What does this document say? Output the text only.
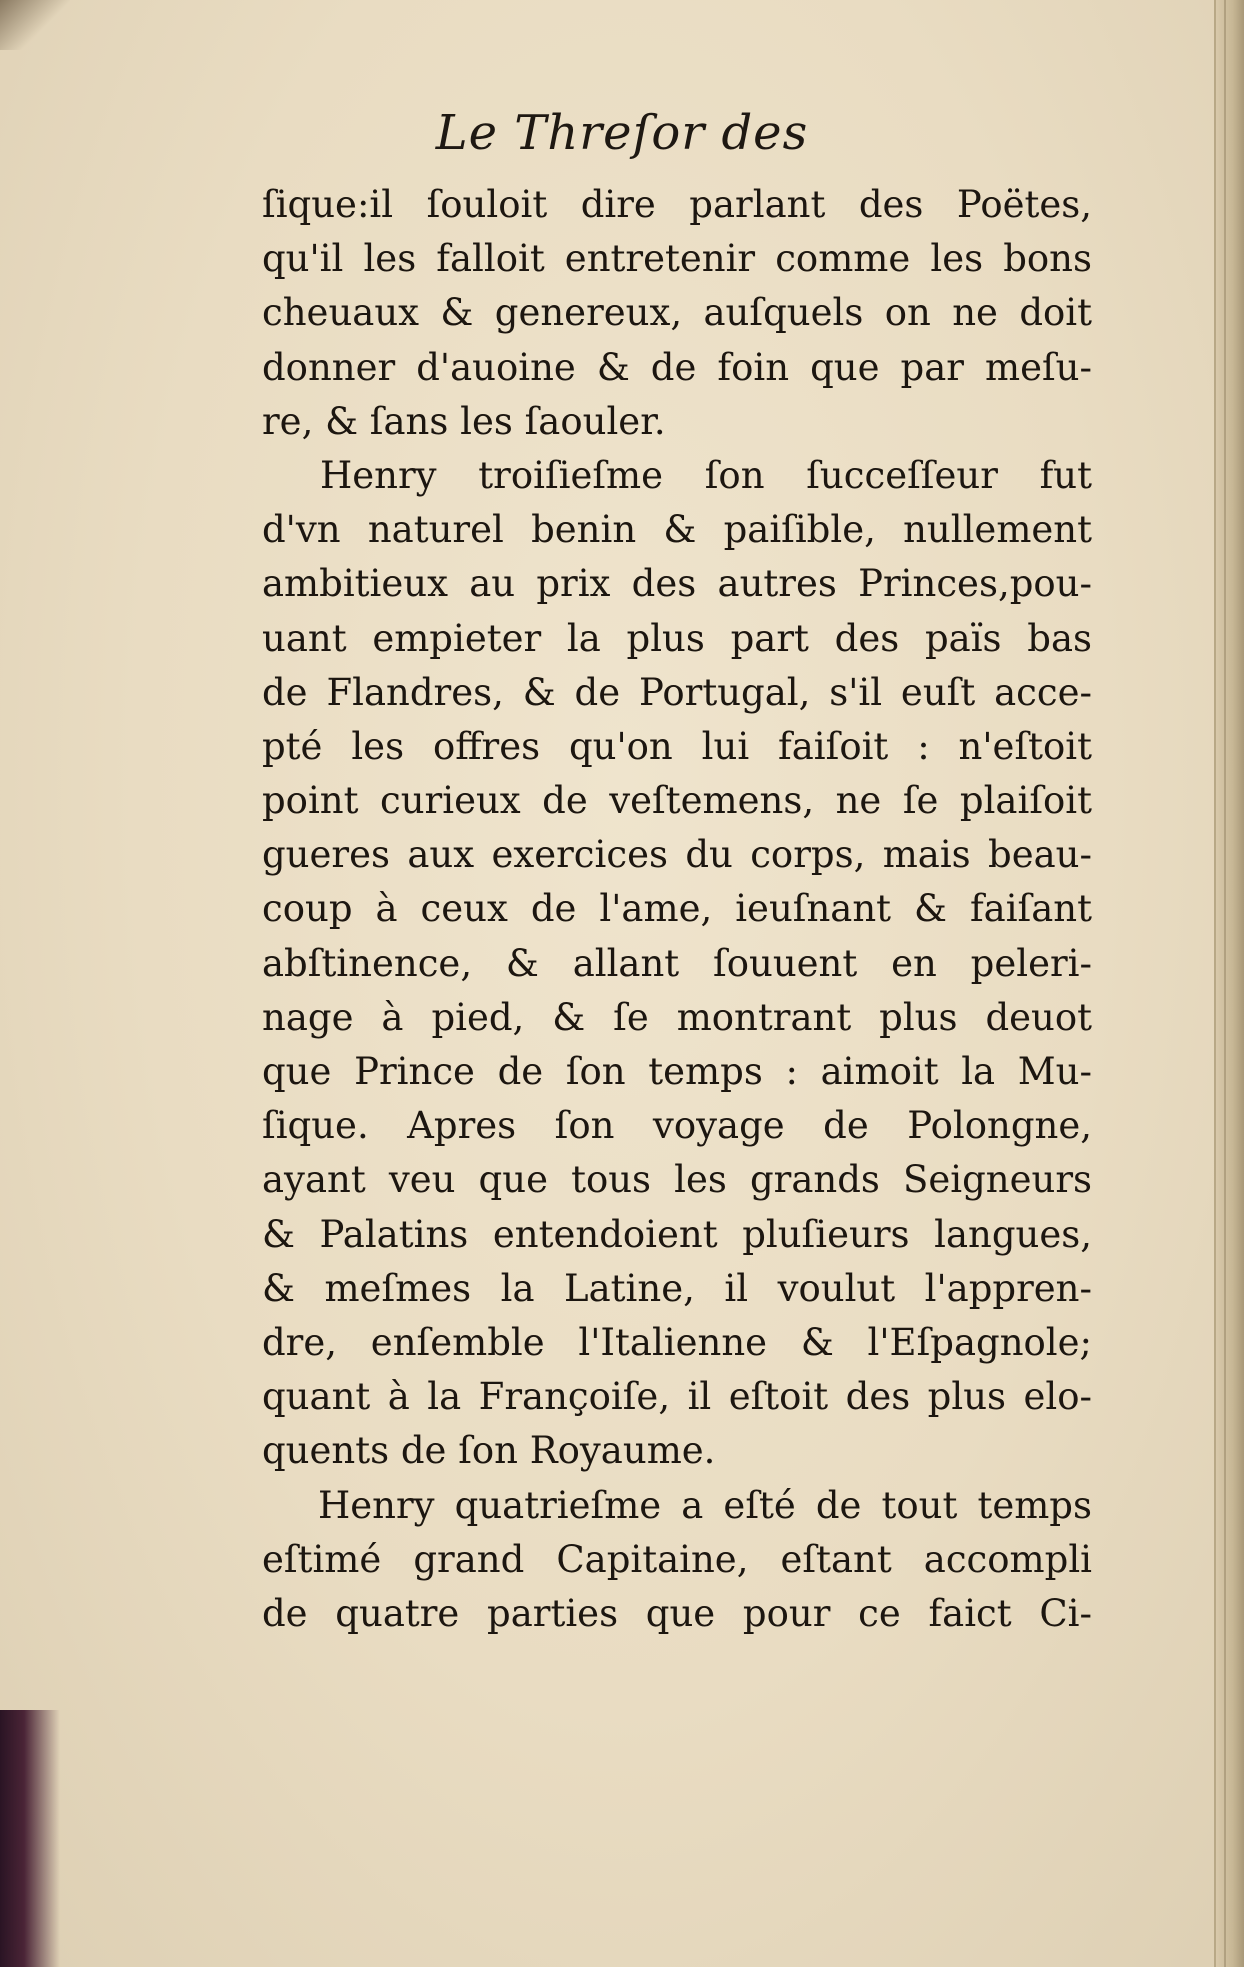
Le Threſor des
ſique:il ſouloit dire parlant des Poëtes,
qu'il les falloit entretenir comme les bons
cheuaux & genereux, auſquels on ne doit
donner d'auoine & de foin que par meſu-
re, & ſans les ſaouler.
Henry troiſieſme ſon ſucceſſeur fut
d'vn naturel benin & paiſible, nullement
ambitieux au prix des autres Princes,pou-
uant empieter la plus part des païs bas
de Flandres, & de Portugal, s'il euſt acce-
pté les offres qu'on lui faiſoit : n'eſtoit
point curieux de veſtemens, ne ſe plaiſoit
gueres aux exercices du corps, mais beau-
coup à ceux de l'ame, ieuſnant & faiſant
abſtinence, & allant ſouuent en peleri-
nage à pied, & ſe montrant plus deuot
que Prince de ſon temps : aimoit la Mu-
ſique. Apres ſon voyage de Polongne,
ayant veu que tous les grands Seigneurs
& Palatins entendoient pluſieurs langues,
& meſmes la Latine, il voulut l'appren-
dre, enſemble l'Italienne & l'Eſpagnole;
quant à la Françoiſe, il eſtoit des plus elo-
quents de ſon Royaume.
Henry quatrieſme a eſté de tout temps
eſtimé grand Capitaine, eſtant accompli
de quatre parties que pour ce faict Ci-
